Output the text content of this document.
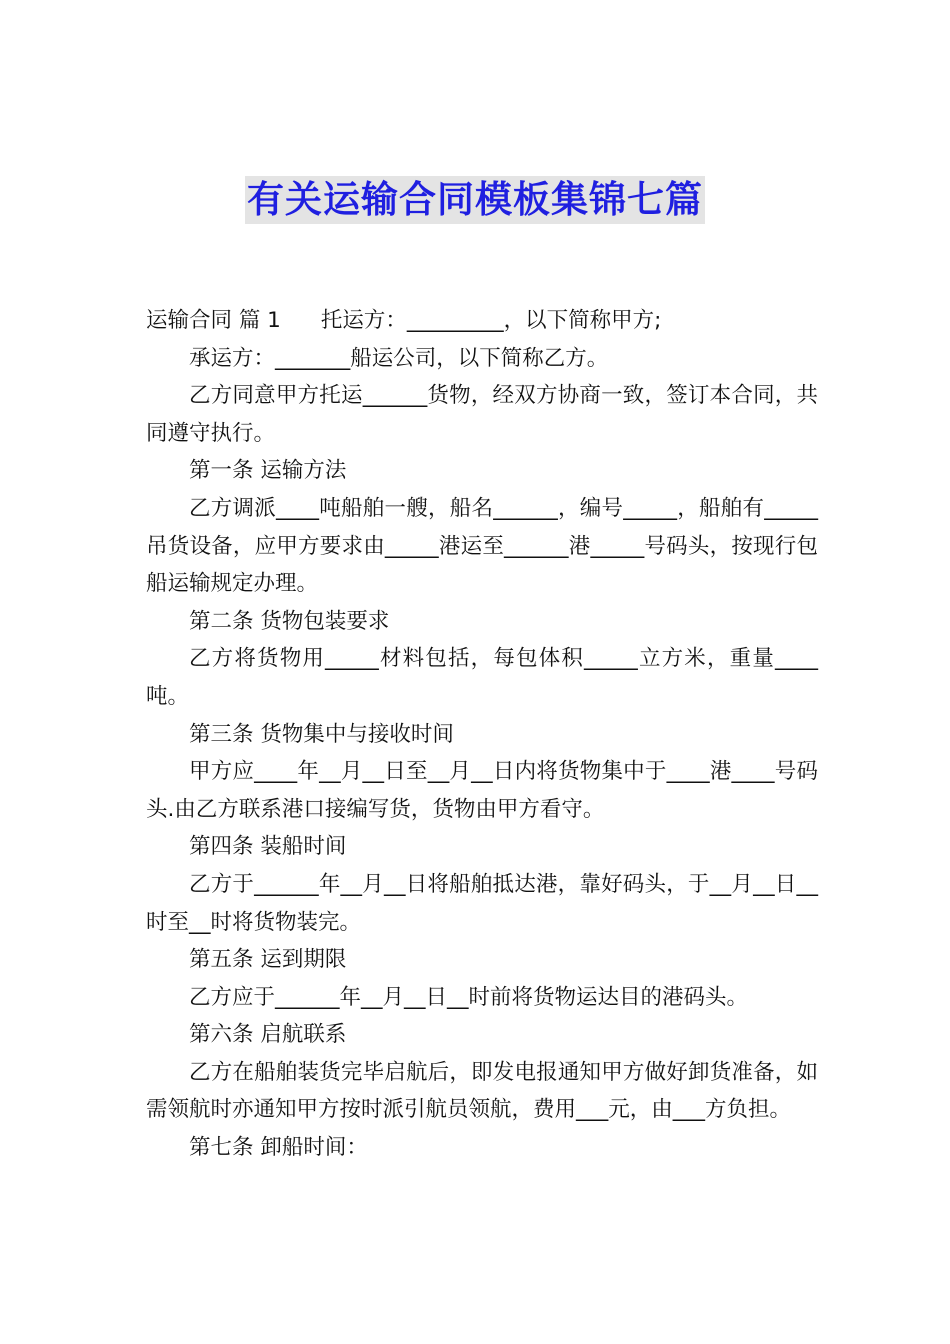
有关运输合同模板集锦七篇

运输合同 篇 1 托运方：_________，以下简称甲方;

承运方：_______船运公司，以下简称乙方。

乙方同意甲方托运______货物，经双方协商一致，签订本合同，共同遵守执行。

第一条 运输方法

乙方调派____吨船舶一艘，船名______，编号_____，船舶有_____吊货设备，应甲方要求由_____港运至______港_____号码头，按现行包船运输规定办理。

第二条 货物包装要求

乙方将货物用_____材料包括，每包体积_____立方米，重量____吨。

第三条 货物集中与接收时间

甲方应____年__月__日至__月__日内将货物集中于____港____号码头.由乙方联系港口接编写货，货物由甲方看守。

第四条 装船时间

乙方于______年__月__日将船舶抵达港，靠好码头，于__月__日__时至__时将货物装完。

第五条 运到期限

乙方应于______年__月__日__时前将货物运达目的港码头。

第六条 启航联系

乙方在船舶装货完毕启航后，即发电报通知甲方做好卸货准备，如需领航时亦通知甲方按时派引航员领航，费用___元，由___方负担。

第七条 卸船时间：
